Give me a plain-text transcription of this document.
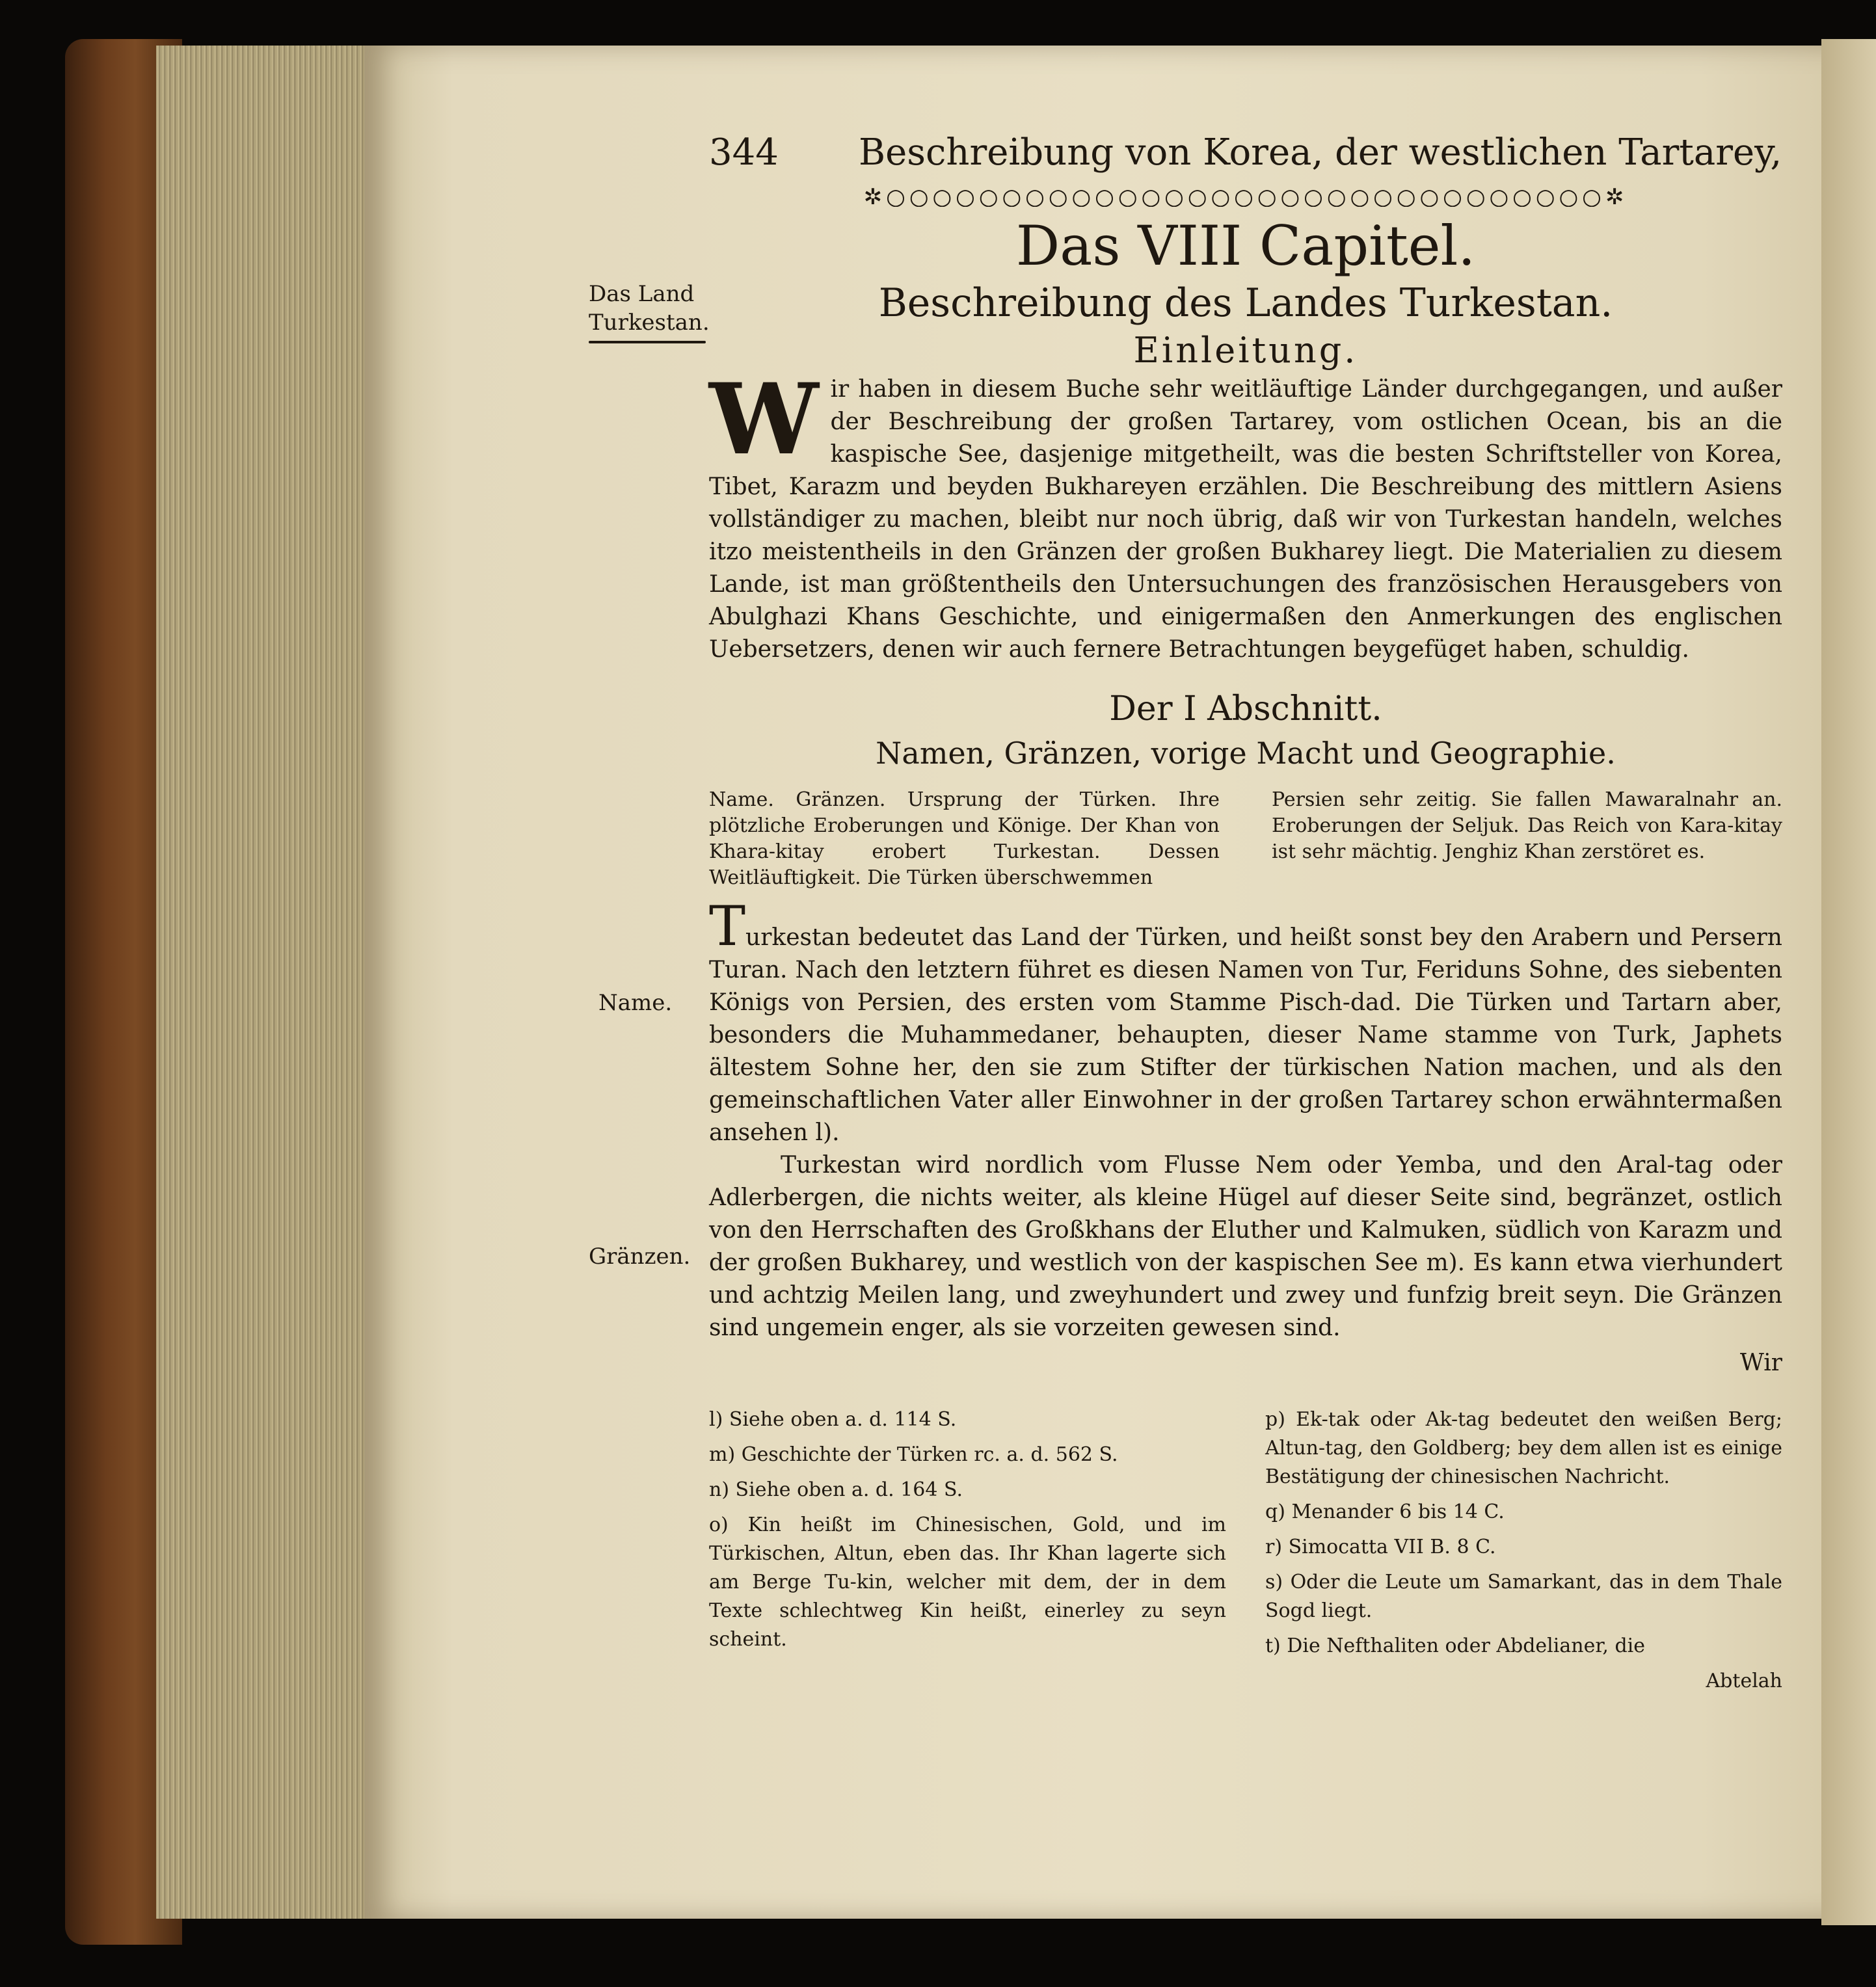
Das Land
Turkestan.
Name.
Gränzen.
344	Beschreibung von Korea, der westlichen Tartarey,
✲○○○○○○○○○○○○○○○○○○○○○○○○○○○○○○○✲
Das VIII Capitel.
Beschreibung des Landes Turkestan.
Einleitung.

Wir haben in diesem Buche sehr weitläuftige Länder durchgegangen, und außer der Beschreibung der großen Tartarey, vom ostlichen Ocean, bis an die kaspische See, dasjenige mitgetheilt, was die besten Schriftsteller von Korea, Tibet, Karazm und beyden Bukhareyen erzählen. Die Beschreibung des mittlern Asiens vollständiger zu machen, bleibt nur noch übrig, daß wir von Turkestan handeln, welches itzo meistentheils in den Gränzen der großen Bukharey liegt. Die Materialien zu diesem Lande, ist man größtentheils den Untersuchungen des französischen Herausgebers von Abulghazi Khans Geschichte, und einigermaßen den Anmerkungen des englischen Uebersetzers, denen wir auch fernere Betrachtungen beygefüget haben, schuldig.

Der I Abschnitt.
Namen, Gränzen, vorige Macht und Geographie.
Name. Gränzen. Ursprung der Türken. Ihre plötzliche Eroberungen und Könige. Der Khan von Khara-kitay erobert Turkestan. Dessen Weitläuftigkeit. Die Türken überschwemmen
Persien sehr zeitig. Sie fallen Mawaralnahr an. Eroberungen der Seljuk. Das Reich von Kara-kitay ist sehr mächtig. Jenghiz Khan zerstöret es.

Turkestan bedeutet das Land der Türken, und heißt sonst bey den Arabern und Persern Turan. Nach den letztern führet es diesen Namen von Tur, Feriduns Sohne, des siebenten Königs von Persien, des ersten vom Stamme Pisch-dad. Die Türken und Tartarn aber, besonders die Muhammedaner, behaupten, dieser Name stamme von Turk, Japhets ältestem Sohne her, den sie zum Stifter der türkischen Nation machen, und als den gemeinschaftlichen Vater aller Einwohner in der großen Tartarey schon erwähntermaßen ansehen l).

Turkestan wird nordlich vom Flusse Nem oder Yemba, und den Aral-tag oder Adlerbergen, die nichts weiter, als kleine Hügel auf dieser Seite sind, begränzet, ostlich von den Herrschaften des Großkhans der Eluther und Kalmuken, südlich von Karazm und der großen Bukharey, und westlich von der kaspischen See m). Es kann etwa vierhundert und achtzig Meilen lang, und zweyhundert und zwey und funfzig breit seyn. Die Gränzen sind ungemein enger, als sie vorzeiten gewesen sind.

Wir

l) Siehe oben a. d. 114 S.

m) Geschichte der Türken rc. a. d. 562 S.

n) Siehe oben a. d. 164 S.

o) Kin heißt im Chinesischen, Gold, und im Türkischen, Altun, eben das. Ihr Khan lagerte sich am Berge Tu-kin, welcher mit dem, der in dem Texte schlechtweg Kin heißt, einerley zu seyn scheint.

p) Ek-tak oder Ak-tag bedeutet den weißen Berg; Altun-tag, den Goldberg; bey dem allen ist es einige Bestätigung der chinesischen Nachricht.

q) Menander 6 bis 14 C.

r) Simocatta VII B. 8 C.

s) Oder die Leute um Samarkant, das in dem Thale Sogd liegt.

t) Die Nefthaliten oder Abdelianer, die

Abtelah
